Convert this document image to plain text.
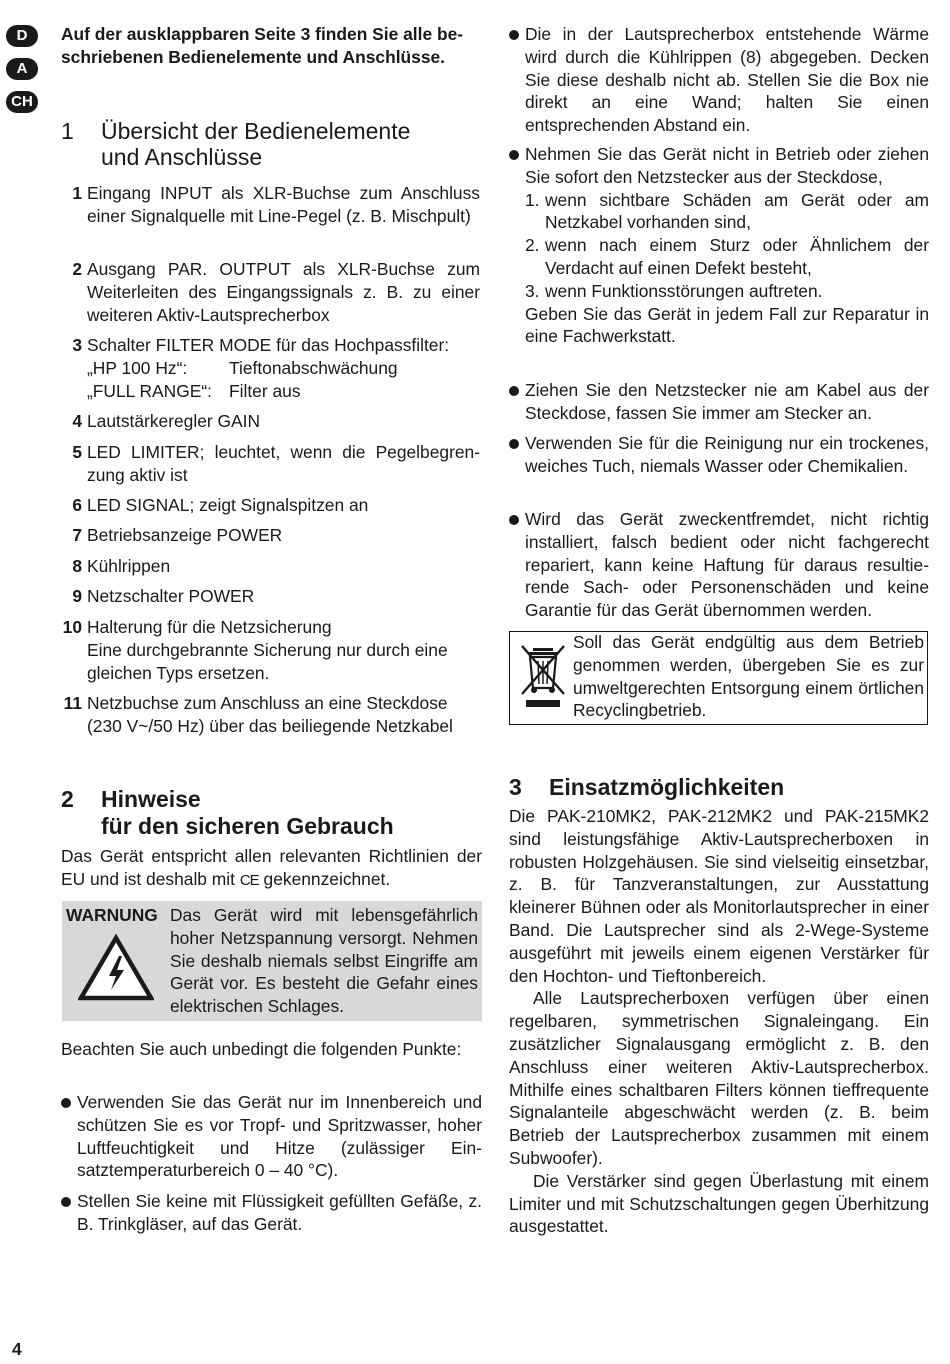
D
A
CH
Auf der ausklappbaren Seite 3 finden Sie alle beschriebenen Bedienelemente und Anschlüsse.
1 Übersicht der Bedienelemente
und Anschlüsse
1 Eingang INPUT als XLR-Buchse zum Anschluss einer Signalquelle mit Line-Pegel (z. B. Mischpult)
2 Ausgang PAR. OUTPUT als XLR-Buchse zum Weiterleiten des Eingangssignals z. B. zu einer weiteren Aktiv-Lautsprecherbox
3 Schalter FILTER MODE für das Hochpassfilter:
„HP 100 Hz“: Tieftonabschwächung
„FULL RANGE“: Filter aus
4 Lautstärkeregler GAIN
5 LED LIMITER; leuchtet, wenn die Pegelbegrenzung aktiv ist
6 LED SIGNAL; zeigt Signalspitzen an
7 Betriebsanzeige POWER
8 Kühlrippen
9 Netzschalter POWER
10 Halterung für die Netzsicherung
Eine durchgebrannte Sicherung nur durch eine gleichen Typs ersetzen.
11 Netzbuchse zum Anschluss an eine Steckdose (230 V~/50 Hz) über das beiliegende Netzkabel
2 Hinweise
für den sicheren Gebrauch
Das Gerät entspricht allen relevanten Richtlinien der EU und ist deshalb mit CE gekennzeichnet.
WARNUNG Das Gerät wird mit lebensgefährlich hoher Netzspannung versorgt. Nehmen Sie deshalb niemals selbst Eingriffe am Gerät vor. Es besteht die Gefahr eines elektrischen Schlages.
Beachten Sie auch unbedingt die folgenden Punkte:
Verwenden Sie das Gerät nur im Innenbereich und schützen Sie es vor Tropf- und Spritzwasser, hoher Luftfeuchtigkeit und Hitze (zulässiger Einsatztemperaturbereich 0 – 40 °C).
Stellen Sie keine mit Flüssigkeit gefüllten Gefäße, z. B. Trinkgläser, auf das Gerät.
Die in der Lautsprecherbox entstehende Wärme wird durch die Kühlrippen (8) abgegeben. Decken Sie diese deshalb nicht ab. Stellen Sie die Box nie direkt an eine Wand; halten Sie einen entsprechenden Abstand ein.
Nehmen Sie das Gerät nicht in Betrieb oder ziehen Sie sofort den Netzstecker aus der Steckdose,
1. wenn sichtbare Schäden am Gerät oder am Netzkabel vorhanden sind,
2. wenn nach einem Sturz oder Ähnlichem der Verdacht auf einen Defekt besteht,
3. wenn Funktionsstörungen auftreten.
Geben Sie das Gerät in jedem Fall zur Reparatur in eine Fachwerkstatt.
Ziehen Sie den Netzstecker nie am Kabel aus der Steckdose, fassen Sie immer am Stecker an.
Verwenden Sie für die Reinigung nur ein trockenes, weiches Tuch, niemals Wasser oder Chemikalien.
Wird das Gerät zweckentfremdet, nicht richtig installiert, falsch bedient oder nicht fachgerecht repariert, kann keine Haftung für daraus resultierende Sach- oder Personenschäden und keine Garantie für das Gerät übernommen werden.
Soll das Gerät endgültig aus dem Betrieb genommen werden, übergeben Sie es zur umweltgerechten Entsorgung einem örtlichen Recyclingbetrieb.
3 Einsatzmöglichkeiten
Die PAK-210MK2, PAK-212MK2 und PAK-215MK2 sind leistungsfähige Aktiv-Lautsprecherboxen in robusten Holzgehäusen. Sie sind vielseitig einsetzbar, z. B. für Tanzveranstaltungen, zur Ausstattung kleinerer Bühnen oder als Monitorlautsprecher in einer Band. Die Lautsprecher sind als 2-Wege-Systeme ausgeführt mit jeweils einem eigenen Verstärker für den Hochton- und Tieftonbereich.
Alle Lautsprecherboxen verfügen über einen regelbaren, symmetrischen Signaleingang. Ein zusätzlicher Signalausgang ermöglicht z. B. den Anschluss einer weiteren Aktiv-Lautsprecherbox. Mithilfe eines schaltbaren Filters können tieffrequente Signalanteile abgeschwächt werden (z. B. beim Betrieb der Lautsprecherbox zusammen mit einem Subwoofer).
Die Verstärker sind gegen Überlastung mit einem Limiter und mit Schutzschaltungen gegen Überhitzung ausgestattet.
4
